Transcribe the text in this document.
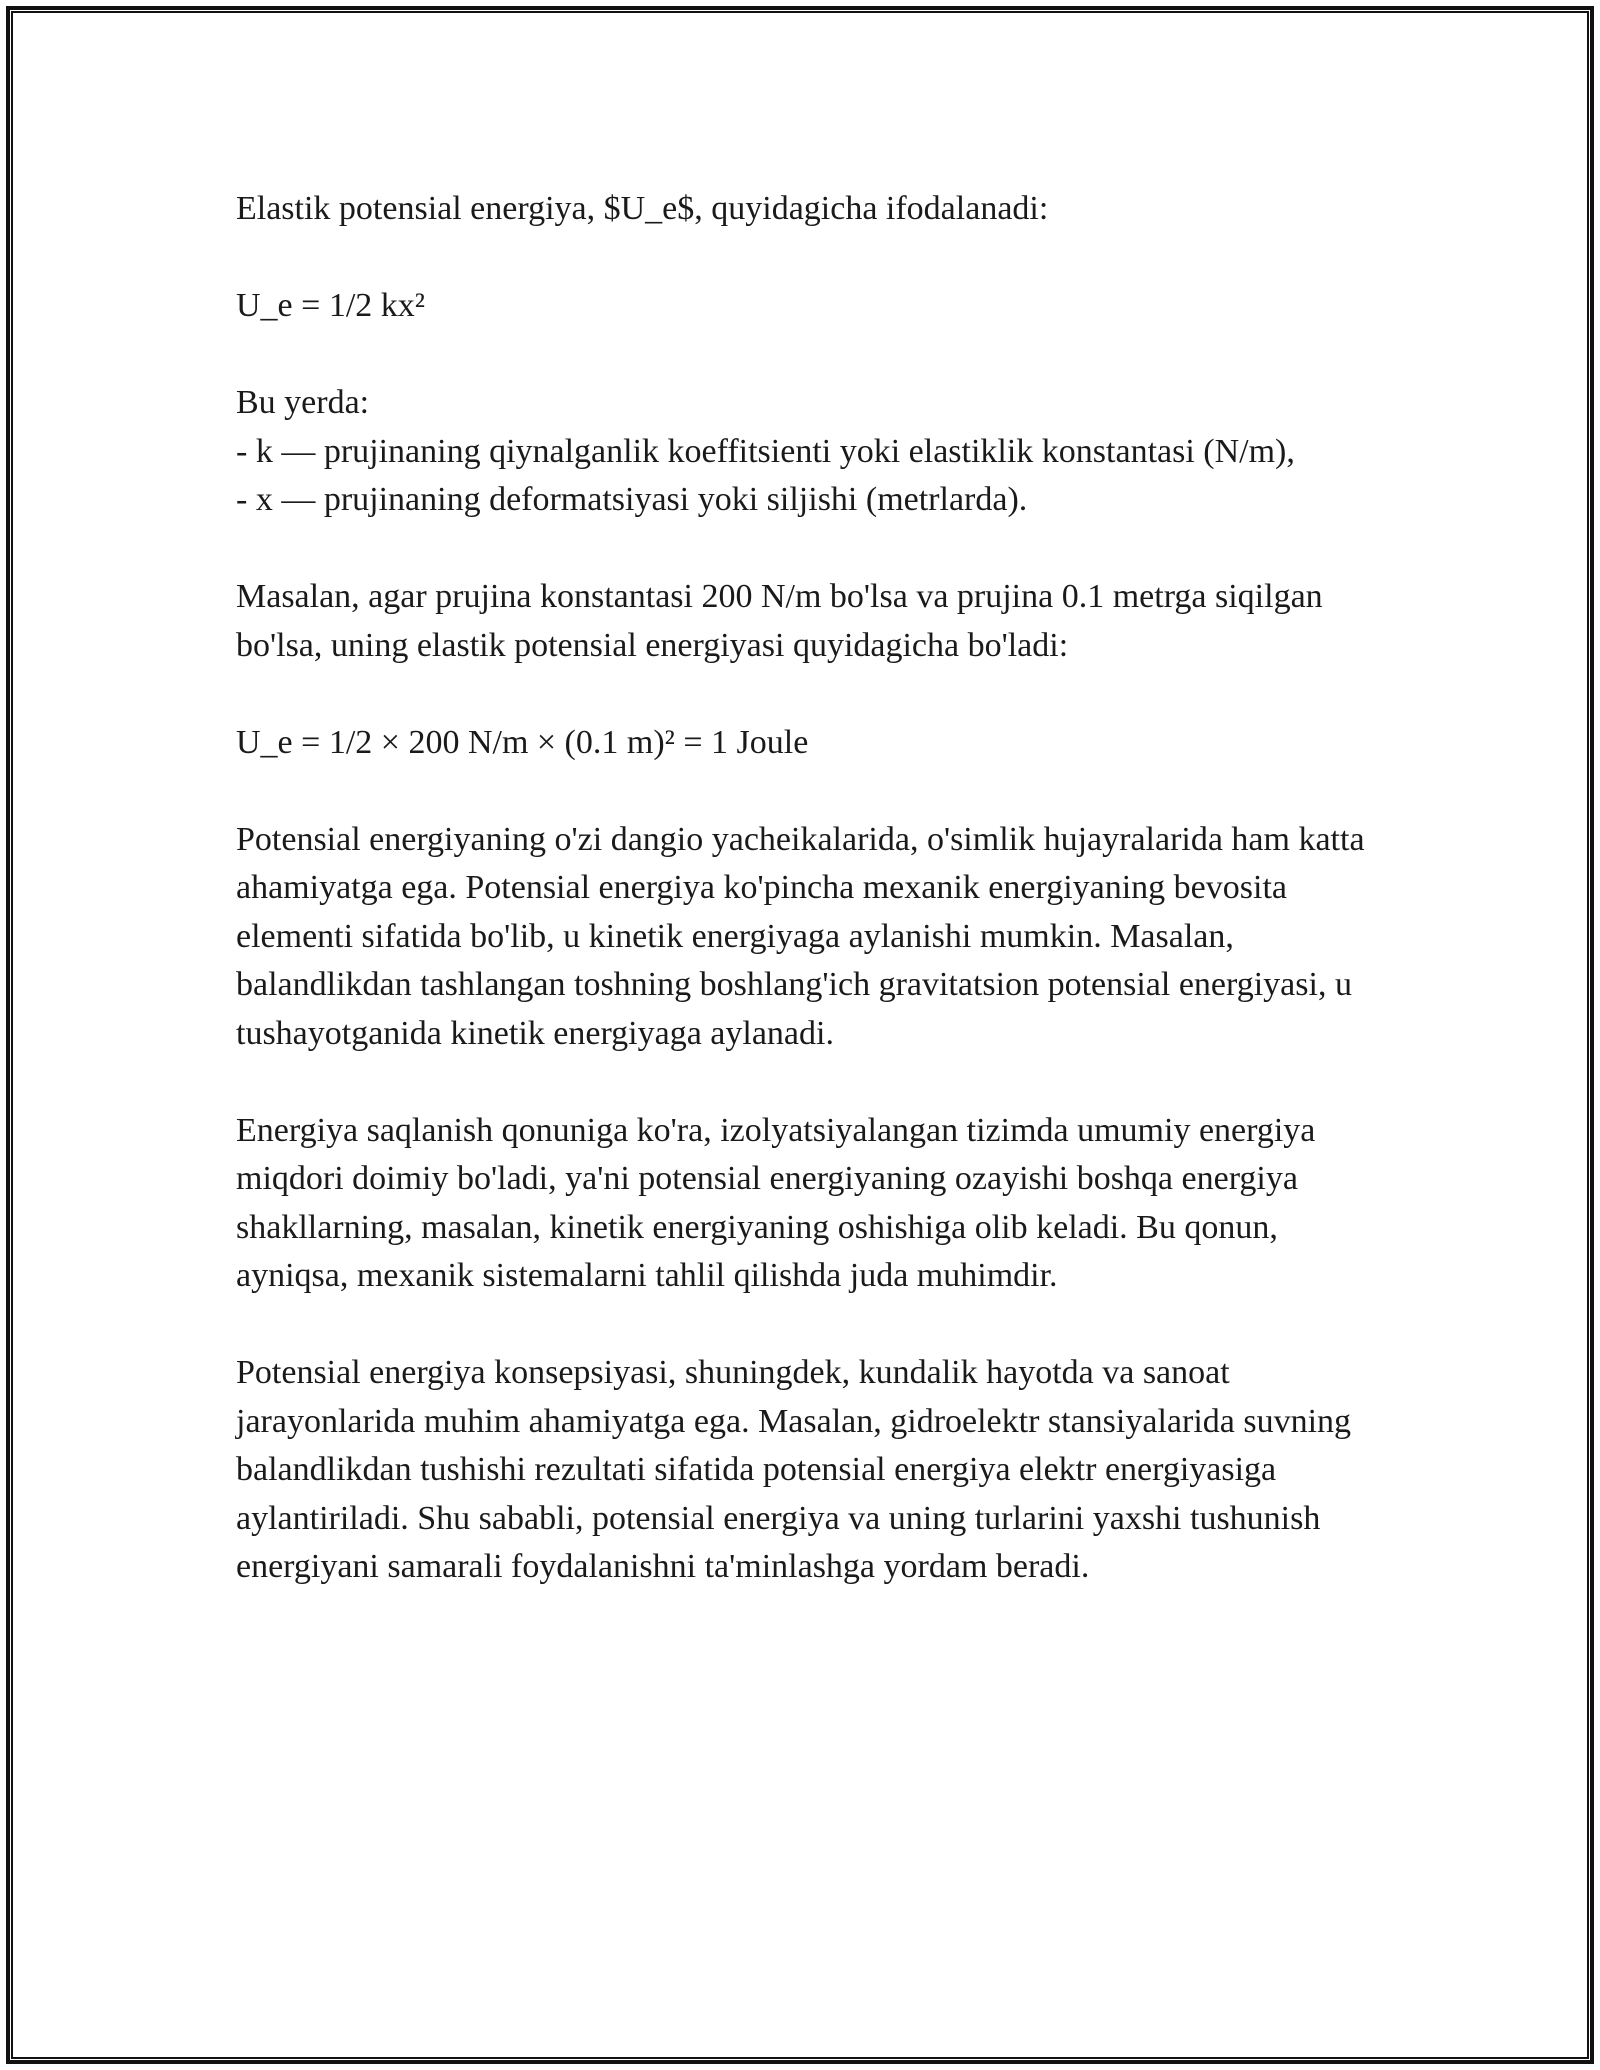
Elastik potensial energiya, $U_e$, quyidagicha ifodalanadi:

U_e = 1/2 kx²

Bu yerda:
- k — prujinaning qiynalganlik koeffitsienti yoki elastiklik konstantasi (N/m),
- x — prujinaning deformatsiyasi yoki siljishi (metrlarda).

Masalan, agar prujina konstantasi 200 N/m bo'lsa va prujina 0.1 metrga siqilgan bo'lsa, uning elastik potensial energiyasi quyidagicha bo'ladi:

U_e = 1/2 × 200 N/m × (0.1 m)² = 1 Joule

Potensial energiyaning o'zi dangio yacheikalarida, o'simlik hujayralarida ham katta ahamiyatga ega. Potensial energiya ko'pincha mexanik energiyaning bevosita elementi sifatida bo'lib, u kinetik energiyaga aylanishi mumkin. Masalan, balandlikdan tashlangan toshning boshlang'ich gravitatsion potensial energiyasi, u tushayotganida kinetik energiyaga aylanadi.

Energiya saqlanish qonuniga ko'ra, izolyatsiyalangan tizimda umumiy energiya miqdori doimiy bo'ladi, ya'ni potensial energiyaning ozayishi boshqa energiya shakllarning, masalan, kinetik energiyaning oshishiga olib keladi. Bu qonun, ayniqsa, mexanik sistemalarni tahlil qilishda juda muhimdir.

Potensial energiya konsepsiyasi, shuningdek, kundalik hayotda va sanoat jarayonlarida muhim ahamiyatga ega. Masalan, gidroelektr stansiyalarida suvning balandlikdan tushishi rezultati sifatida potensial energiya elektr energiyasiga aylantiriladi. Shu sababli, potensial energiya va uning turlarini yaxshi tushunish energiyani samarali foydalanishni ta'minlashga yordam beradi.
